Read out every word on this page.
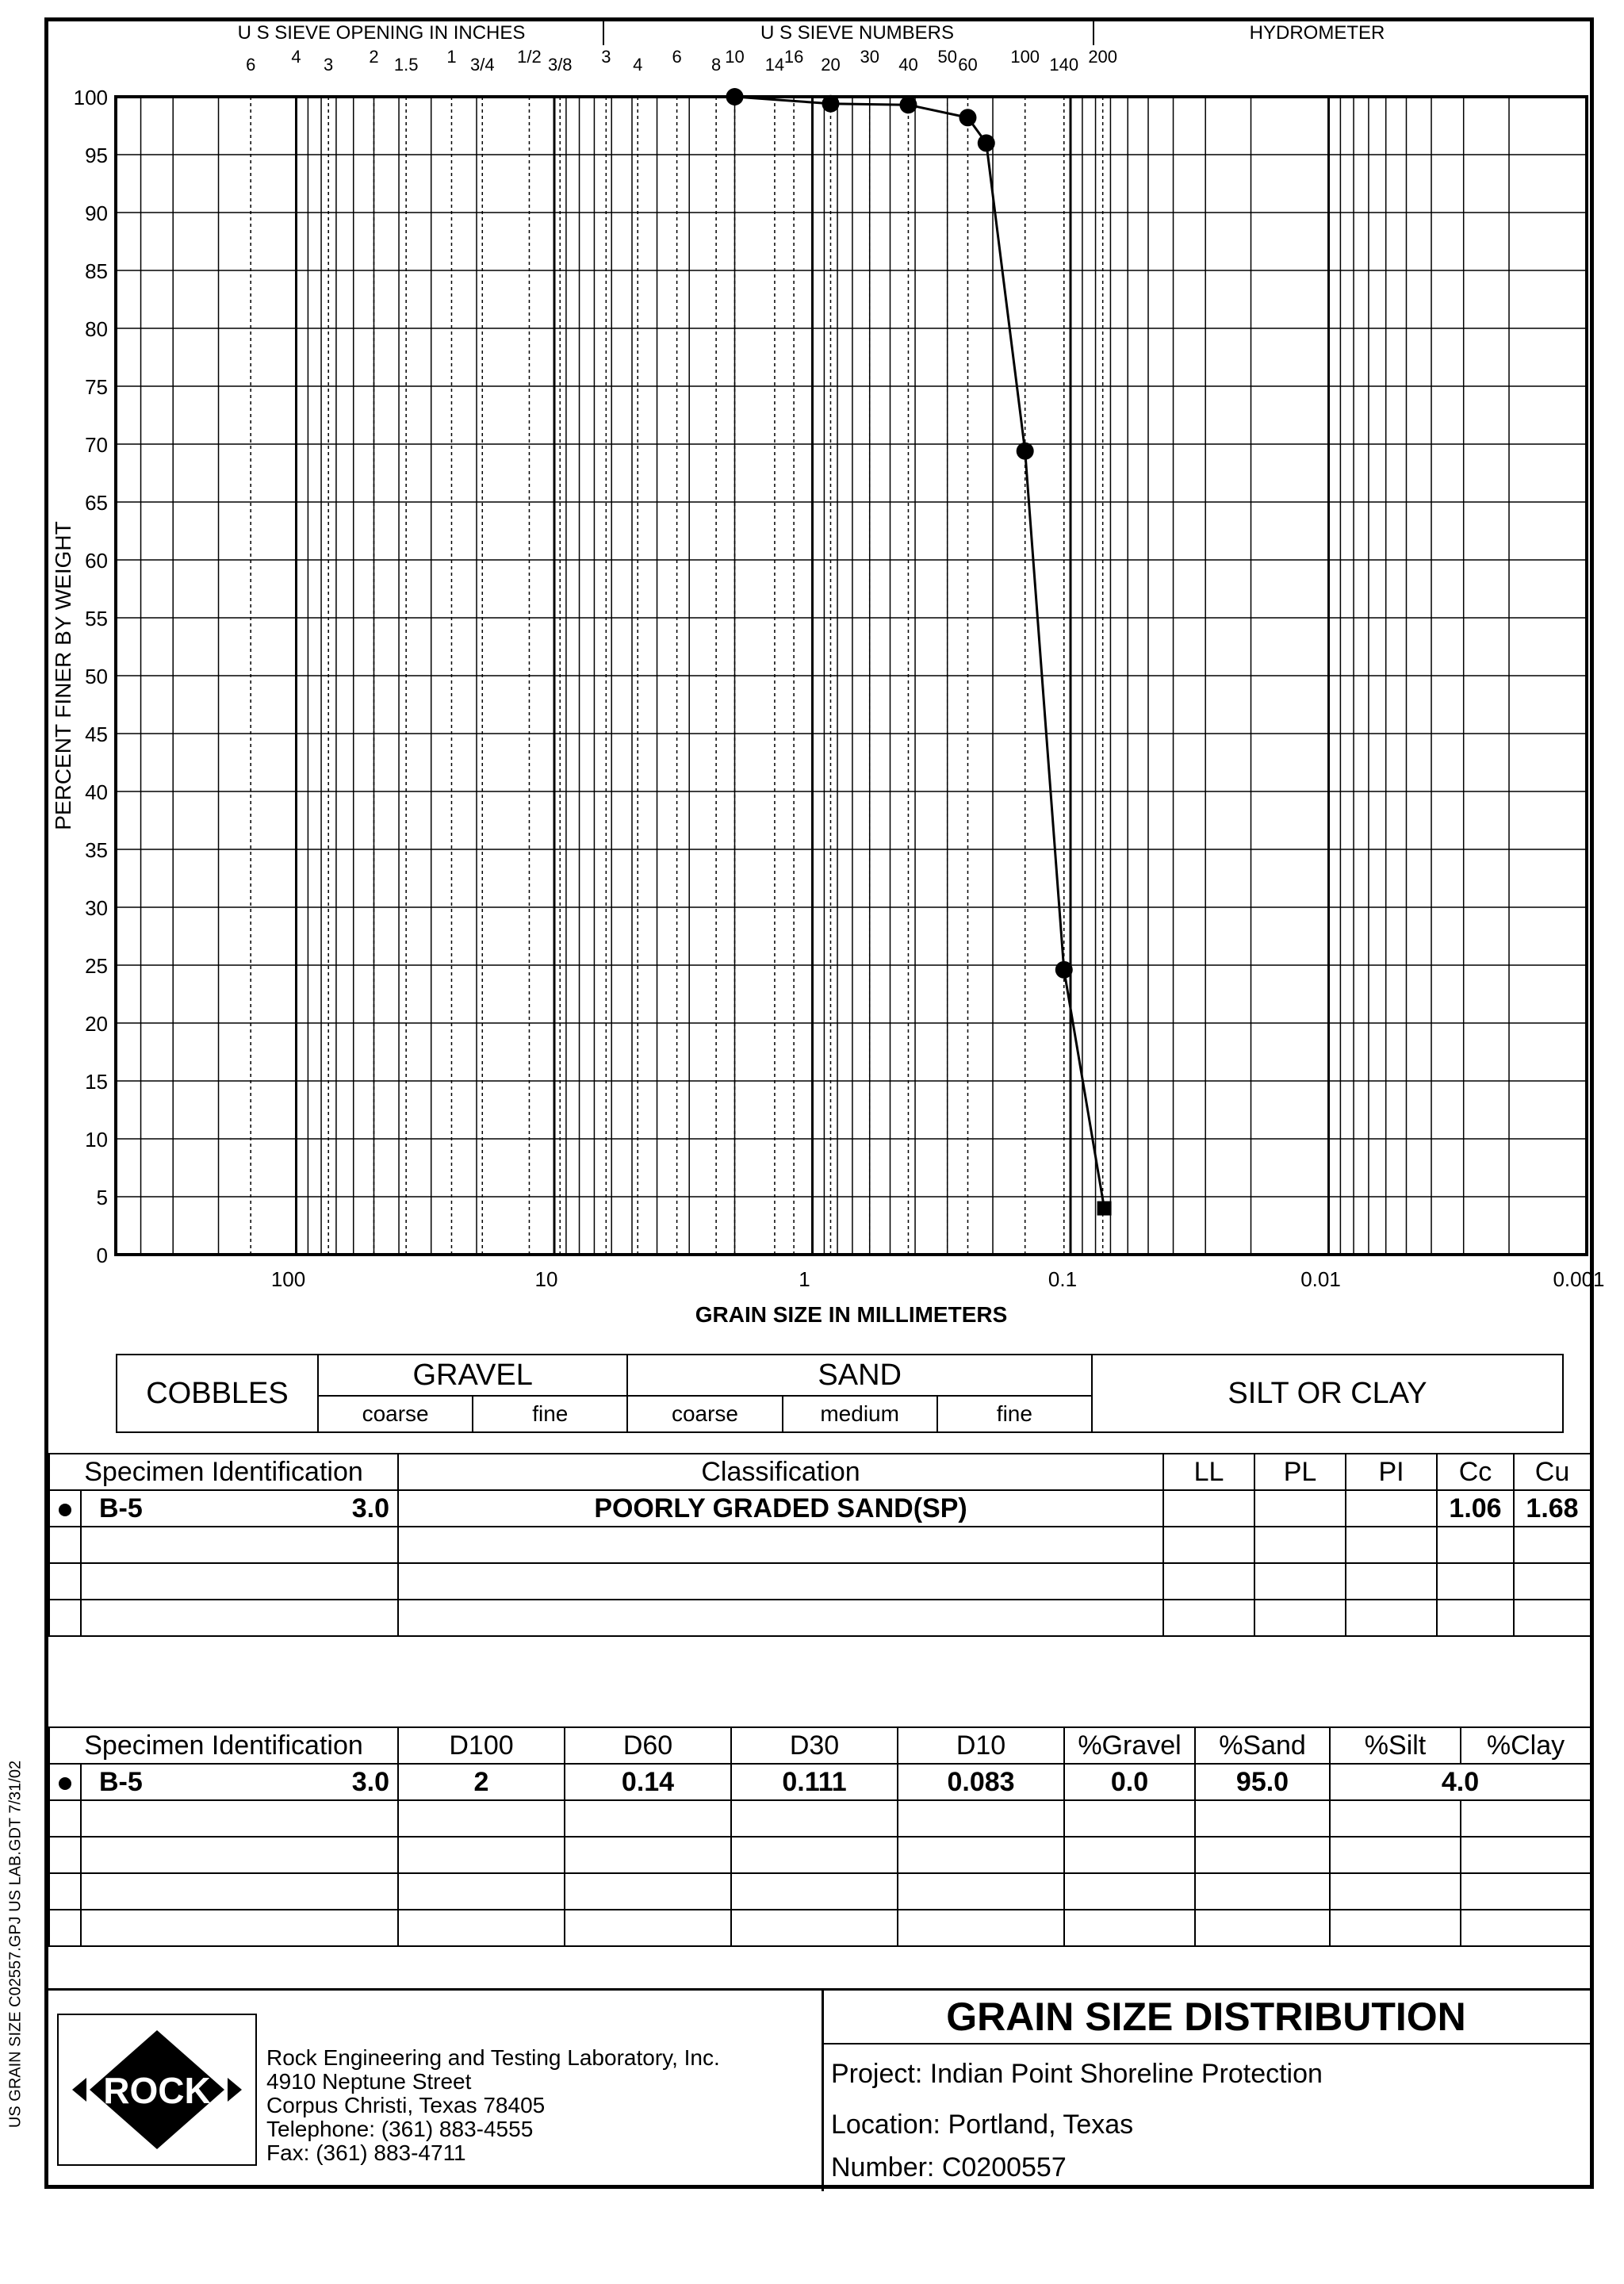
0
5
10
15
20
25
30
35
40
45
50
55
60
65
70
75
80
85
90
95
100
100	10	1	0.1	0.01	0.001
U S SIEVE OPENING IN INCHES	U S SIEVE NUMBERS	HYDROMETER
6 4 3 2 1.5 1 3/4 1/2 3/8 3 4 6 8 10 14 16 20 30 40 50 60 100 140 200
GRAIN SIZE IN MILLIMETERS
PERCENT FINER BY WEIGHT
COBBLES	GRAVEL		SAND			SILT OR CLAY
	coarse	fine	coarse	medium	fine	
Specimen Identification		Classification	LL	PL	PI	Cc	Cu
	B-5 3.0	POORLY GRADED SAND(SP)				1.06	1.68

Specimen Identification		D100	D60	D30	D10	%Gravel	%Sand	%Silt	%Clay
	B-5 3.0	2	0.14	0.111	0.083	0.0	95.0	4.0	

ROCK
Rock Engineering and Testing Laboratory, Inc.
4910 Neptune Street
Corpus Christi, Texas 78405
Telephone: (361) 883-4555
Fax: (361) 883-4711
GRAIN SIZE DISTRIBUTION
Project: Indian Point Shoreline Protection
Location: Portland, Texas
Number: C0200557
US GRAIN SIZE C02557.GPJ US LAB.GDT 7/31/02
